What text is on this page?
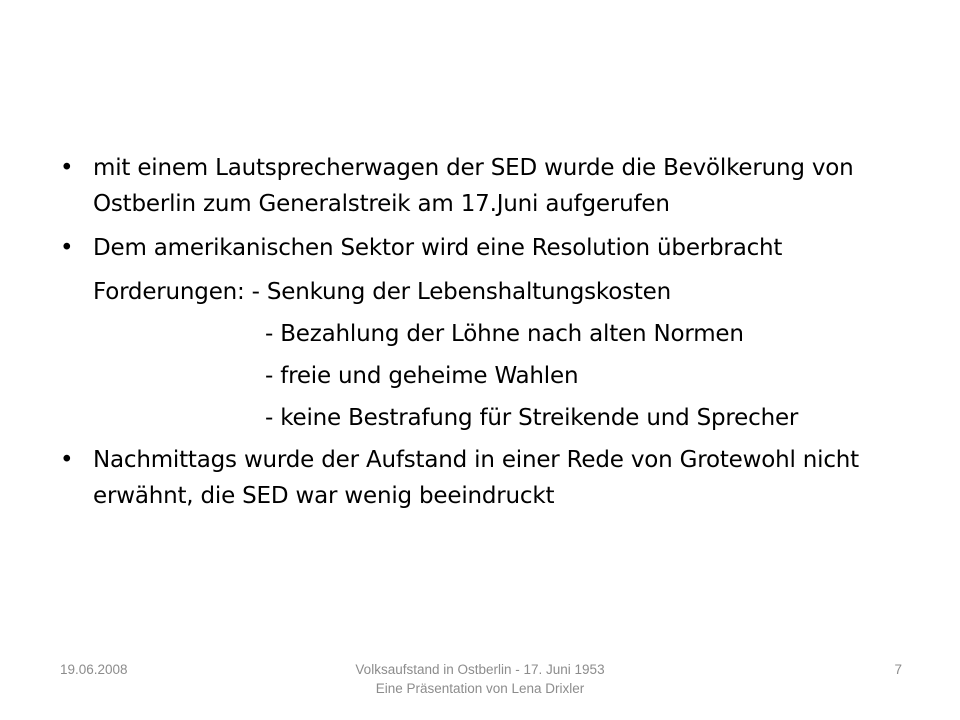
• mit einem Lautsprecherwagen der SED wurde die Bevölkerung von Ostberlin zum Generalstreik am 17.Juni aufgerufen
• Dem amerikanischen Sektor wird eine Resolution überbracht
Forderungen: - Senkung der Lebenshaltungskosten
- Bezahlung der Löhne nach alten Normen
- freie und geheime Wahlen
- keine Bestrafung für Streikende und Sprecher
• Nachmittags wurde der Aufstand in einer Rede von Grotewohl nicht erwähnt, die SED war wenig beeindruckt
19.06.2008	Volksaufstand in Ostberlin - 17. Juni 1953
Eine Präsentation von Lena Drixler
7
